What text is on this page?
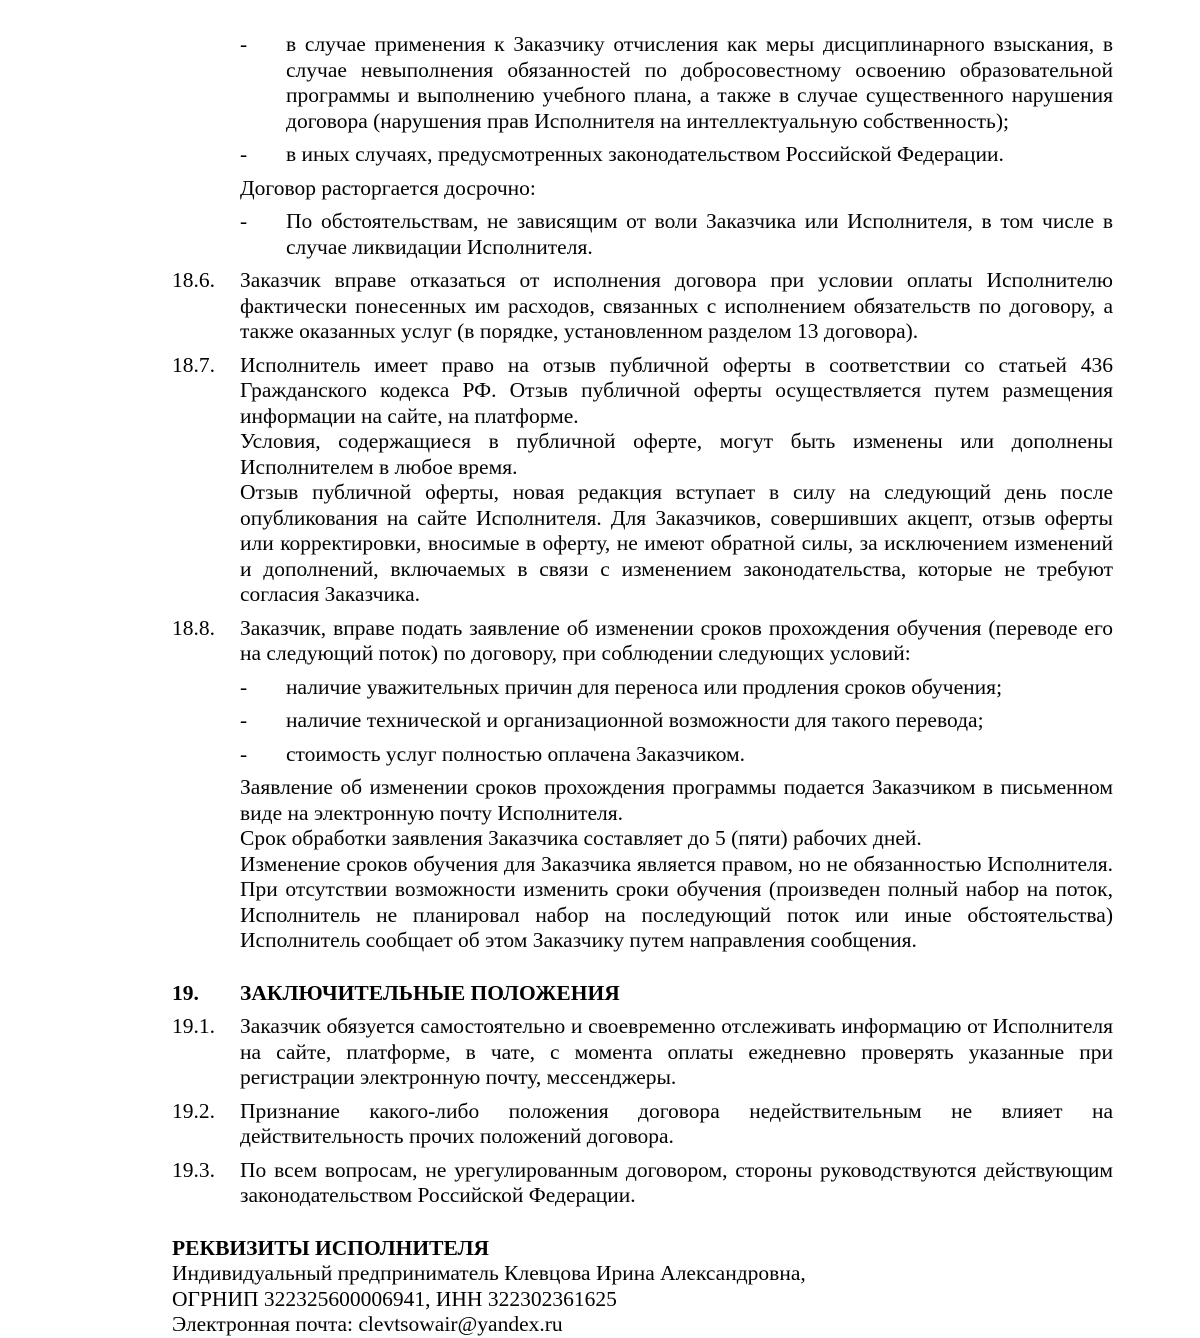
-	в случае применения к Заказчику отчисления как меры дисциплинарного взыскания, в случае невыполнения обязанностей по добросовестному освоению образовательной программы и выполнению учебного плана, а также в случае существенного нарушения договора (нарушения прав Исполнителя на интеллектуальную собственность);

-	в иных случаях, предусмотренных законодательством Российской Федерации.

Договор расторгается досрочно:

-	По обстоятельствам, не зависящим от воли Заказчика или Исполнителя, в том числе в случае ликвидации Исполнителя.

18.6. Заказчик вправе отказаться от исполнения договора при условии оплаты Исполнителю фактически понесенных им расходов, связанных с исполнением обязательств по договору, а также оказанных услуг (в порядке, установленном разделом 13 договора).

18.7. Исполнитель имеет право на отзыв публичной оферты в соответствии со статьей 436 Гражданского кодекса РФ. Отзыв публичной оферты осуществляется путем размещения информации на сайте, на платформе.

Условия, содержащиеся в публичной оферте, могут быть изменены или дополнены Исполнителем в любое время.

Отзыв публичной оферты, новая редакция вступает в силу на следующий день после опубликования на сайте Исполнителя. Для Заказчиков, совершивших акцепт, отзыв оферты или корректировки, вносимые в оферту, не имеют обратной силы, за исключением изменений и дополнений, включаемых в связи с изменением законодательства, которые не требуют согласия Заказчика.

18.8. Заказчик, вправе подать заявление об изменении сроков прохождения обучения (переводе его на следующий поток) по договору, при соблюдении следующих условий:

-	наличие уважительных причин для переноса или продления сроков обучения;

-	наличие технической и организационной возможности для такого перевода;

-	стоимость услуг полностью оплачена Заказчиком.

Заявление об изменении сроков прохождения программы подается Заказчиком в письменном виде на электронную почту Исполнителя.

Срок обработки заявления Заказчика составляет до 5 (пяти) рабочих дней.

Изменение сроков обучения для Заказчика является правом, но не обязанностью Исполнителя. При отсутствии возможности изменить сроки обучения (произведен полный набор на поток, Исполнитель не планировал набор на последующий поток или иные обстоятельства) Исполнитель сообщает об этом Заказчику путем направления сообщения.

19. ЗАКЛЮЧИТЕЛЬНЫЕ ПОЛОЖЕНИЯ

19.1. Заказчик обязуется самостоятельно и своевременно отслеживать информацию от Исполнителя на сайте, платформе, в чате, с момента оплаты ежедневно проверять указанные при регистрации электронную почту, мессенджеры.

19.2. Признание какого-либо положения договора недействительным не влияет на действительность прочих положений договора.

19.3. По всем вопросам, не урегулированным договором, стороны руководствуются действующим законодательством Российской Федерации.

РЕКВИЗИТЫ ИСПОЛНИТЕЛЯ

Индивидуальный предприниматель Клевцова Ирина Александровна,

ОГРНИП 322325600006941, ИНН 322302361625

Электронная почта: clevtsowair@yandex.ru
